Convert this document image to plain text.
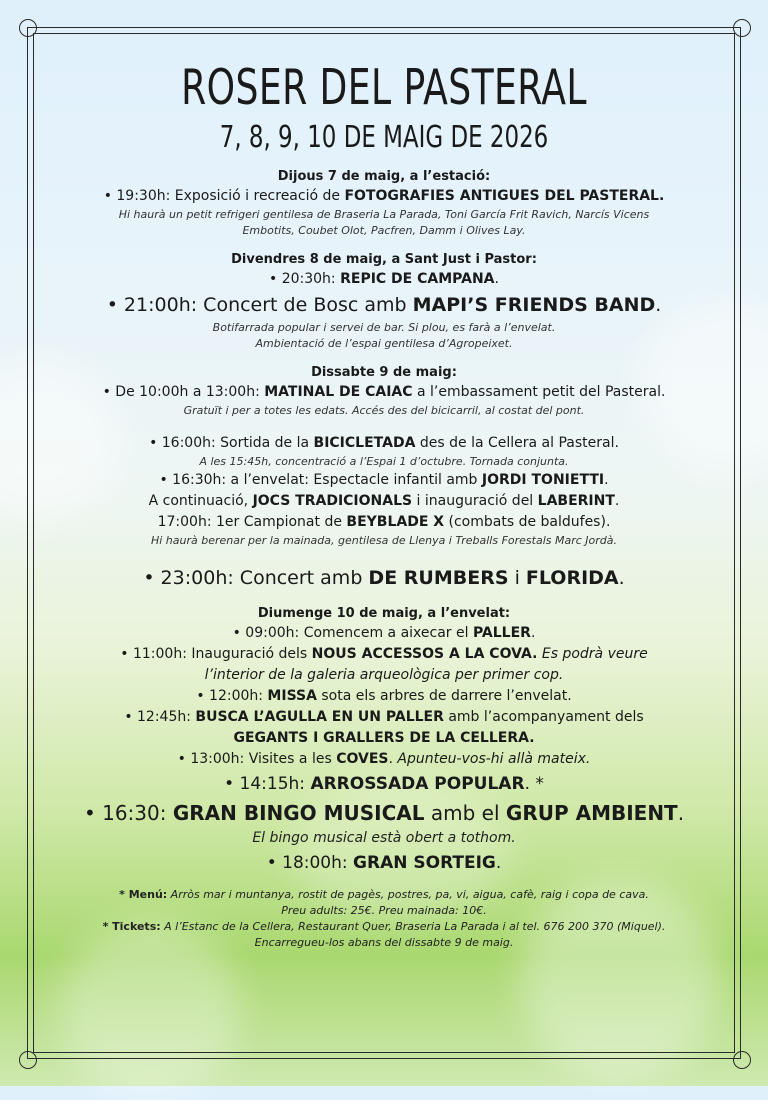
ROSER DEL PASTERAL
7, 8, 9, 10 DE MAIG DE 2026
Dijous 7 de maig, a l’estació:
• 19:30h: Exposició i recreació de FOTOGRAFIES ANTIGUES DEL PASTERAL.
Hi haurà un petit refrigeri gentilesa de Braseria La Parada, Toni García Frit Ravich, Narcís Vicens
Embotits, Coubet Olot, Pacfren, Damm i Olives Lay.
Divendres 8 de maig, a Sant Just i Pastor:
• 20:30h: REPIC DE CAMPANA.
• 21:00h: Concert de Bosc amb MAPI’S FRIENDS BAND.
Botifarrada popular i servei de bar. Si plou, es farà a l’envelat.
Ambientació de l’espai gentilesa d’Agropeixet.
Dissabte 9 de maig:
• De 10:00h a 13:00h: MATINAL DE CAIAC a l’embassament petit del Pasteral.
Gratuït i per a totes les edats. Accés des del bicicarril, al costat del pont.
• 16:00h: Sortida de la BICICLETADA des de la Cellera al Pasteral.
A les 15:45h, concentració a l’Espai 1 d’octubre. Tornada conjunta.
• 16:30h: a l’envelat: Espectacle infantil amb JORDI TONIETTI.
A continuació, JOCS TRADICIONALS i inauguració del LABERINT.
17:00h: 1er Campionat de BEYBLADE X (combats de baldufes).
Hi haurà berenar per la mainada, gentilesa de Llenya i Treballs Forestals Marc Jordà.
• 23:00h: Concert amb DE RUMBERS i FLORIDA.
Diumenge 10 de maig, a l’envelat:
• 09:00h: Comencem a aixecar el PALLER.
• 11:00h: Inauguració dels NOUS ACCESSOS A LA COVA. Es podrà veure
l’interior de la galeria arqueològica per primer cop.
• 12:00h: MISSA sota els arbres de darrere l’envelat.
• 12:45h: BUSCA L’AGULLA EN UN PALLER amb l’acompanyament dels
GEGANTS I GRALLERS DE LA CELLERA.
• 13:00h: Visites a les COVES. Apunteu-vos-hi allà mateix.
• 14:15h: ARROSSADA POPULAR. *
• 16:30: GRAN BINGO MUSICAL amb el GRUP AMBIENT.
El bingo musical està obert a tothom.
• 18:00h: GRAN SORTEIG.
* Menú: Arròs mar i muntanya, rostit de pagès, postres, pa, vi, aigua, cafè, raig i copa de cava.
Preu adults: 25€. Preu mainada: 10€.
* Tickets: A l’Estanc de la Cellera, Restaurant Quer, Braseria La Parada i al tel. 676 200 370 (Miquel).
Encarregueu-los abans del dissabte 9 de maig.
